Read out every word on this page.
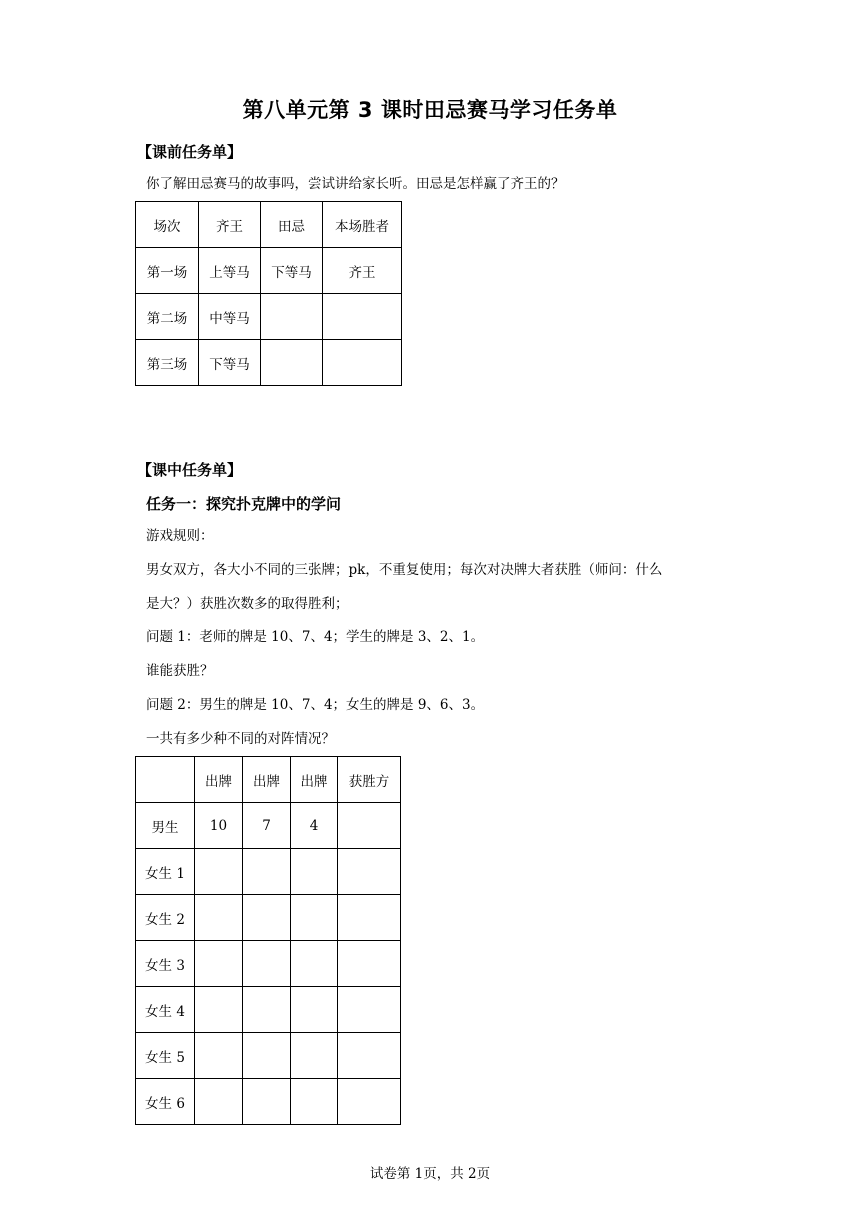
第八单元第 3 课时田忌赛马学习任务单
【课前任务单】
你了解田忌赛马的故事吗，尝试讲给家长听。田忌是怎样赢了齐王的？
场次	齐王	田忌	本场胜者
第一场	上等马	下等马	齐王
第二场	中等马		
第三场	下等马		
【课中任务单】
任务一：探究扑克牌中的学问
游戏规则：
男女双方，各大小不同的三张牌；pk，不重复使用；每次对决牌大者获胜（师问：什么
是大？）获胜次数多的取得胜利；
问题 1：老师的牌是 10、7、4；学生的牌是 3、2、1。
谁能获胜？
问题 2：男生的牌是 10、7、4；女生的牌是 9、6、3。
一共有多少种不同的对阵情况？
	出牌	出牌	出牌	获胜方
男生	10	7	4	
女生 1				
女生 2				
女生 3				
女生 4				
女生 5				
女生 6				
试卷第 1页，共 2页
